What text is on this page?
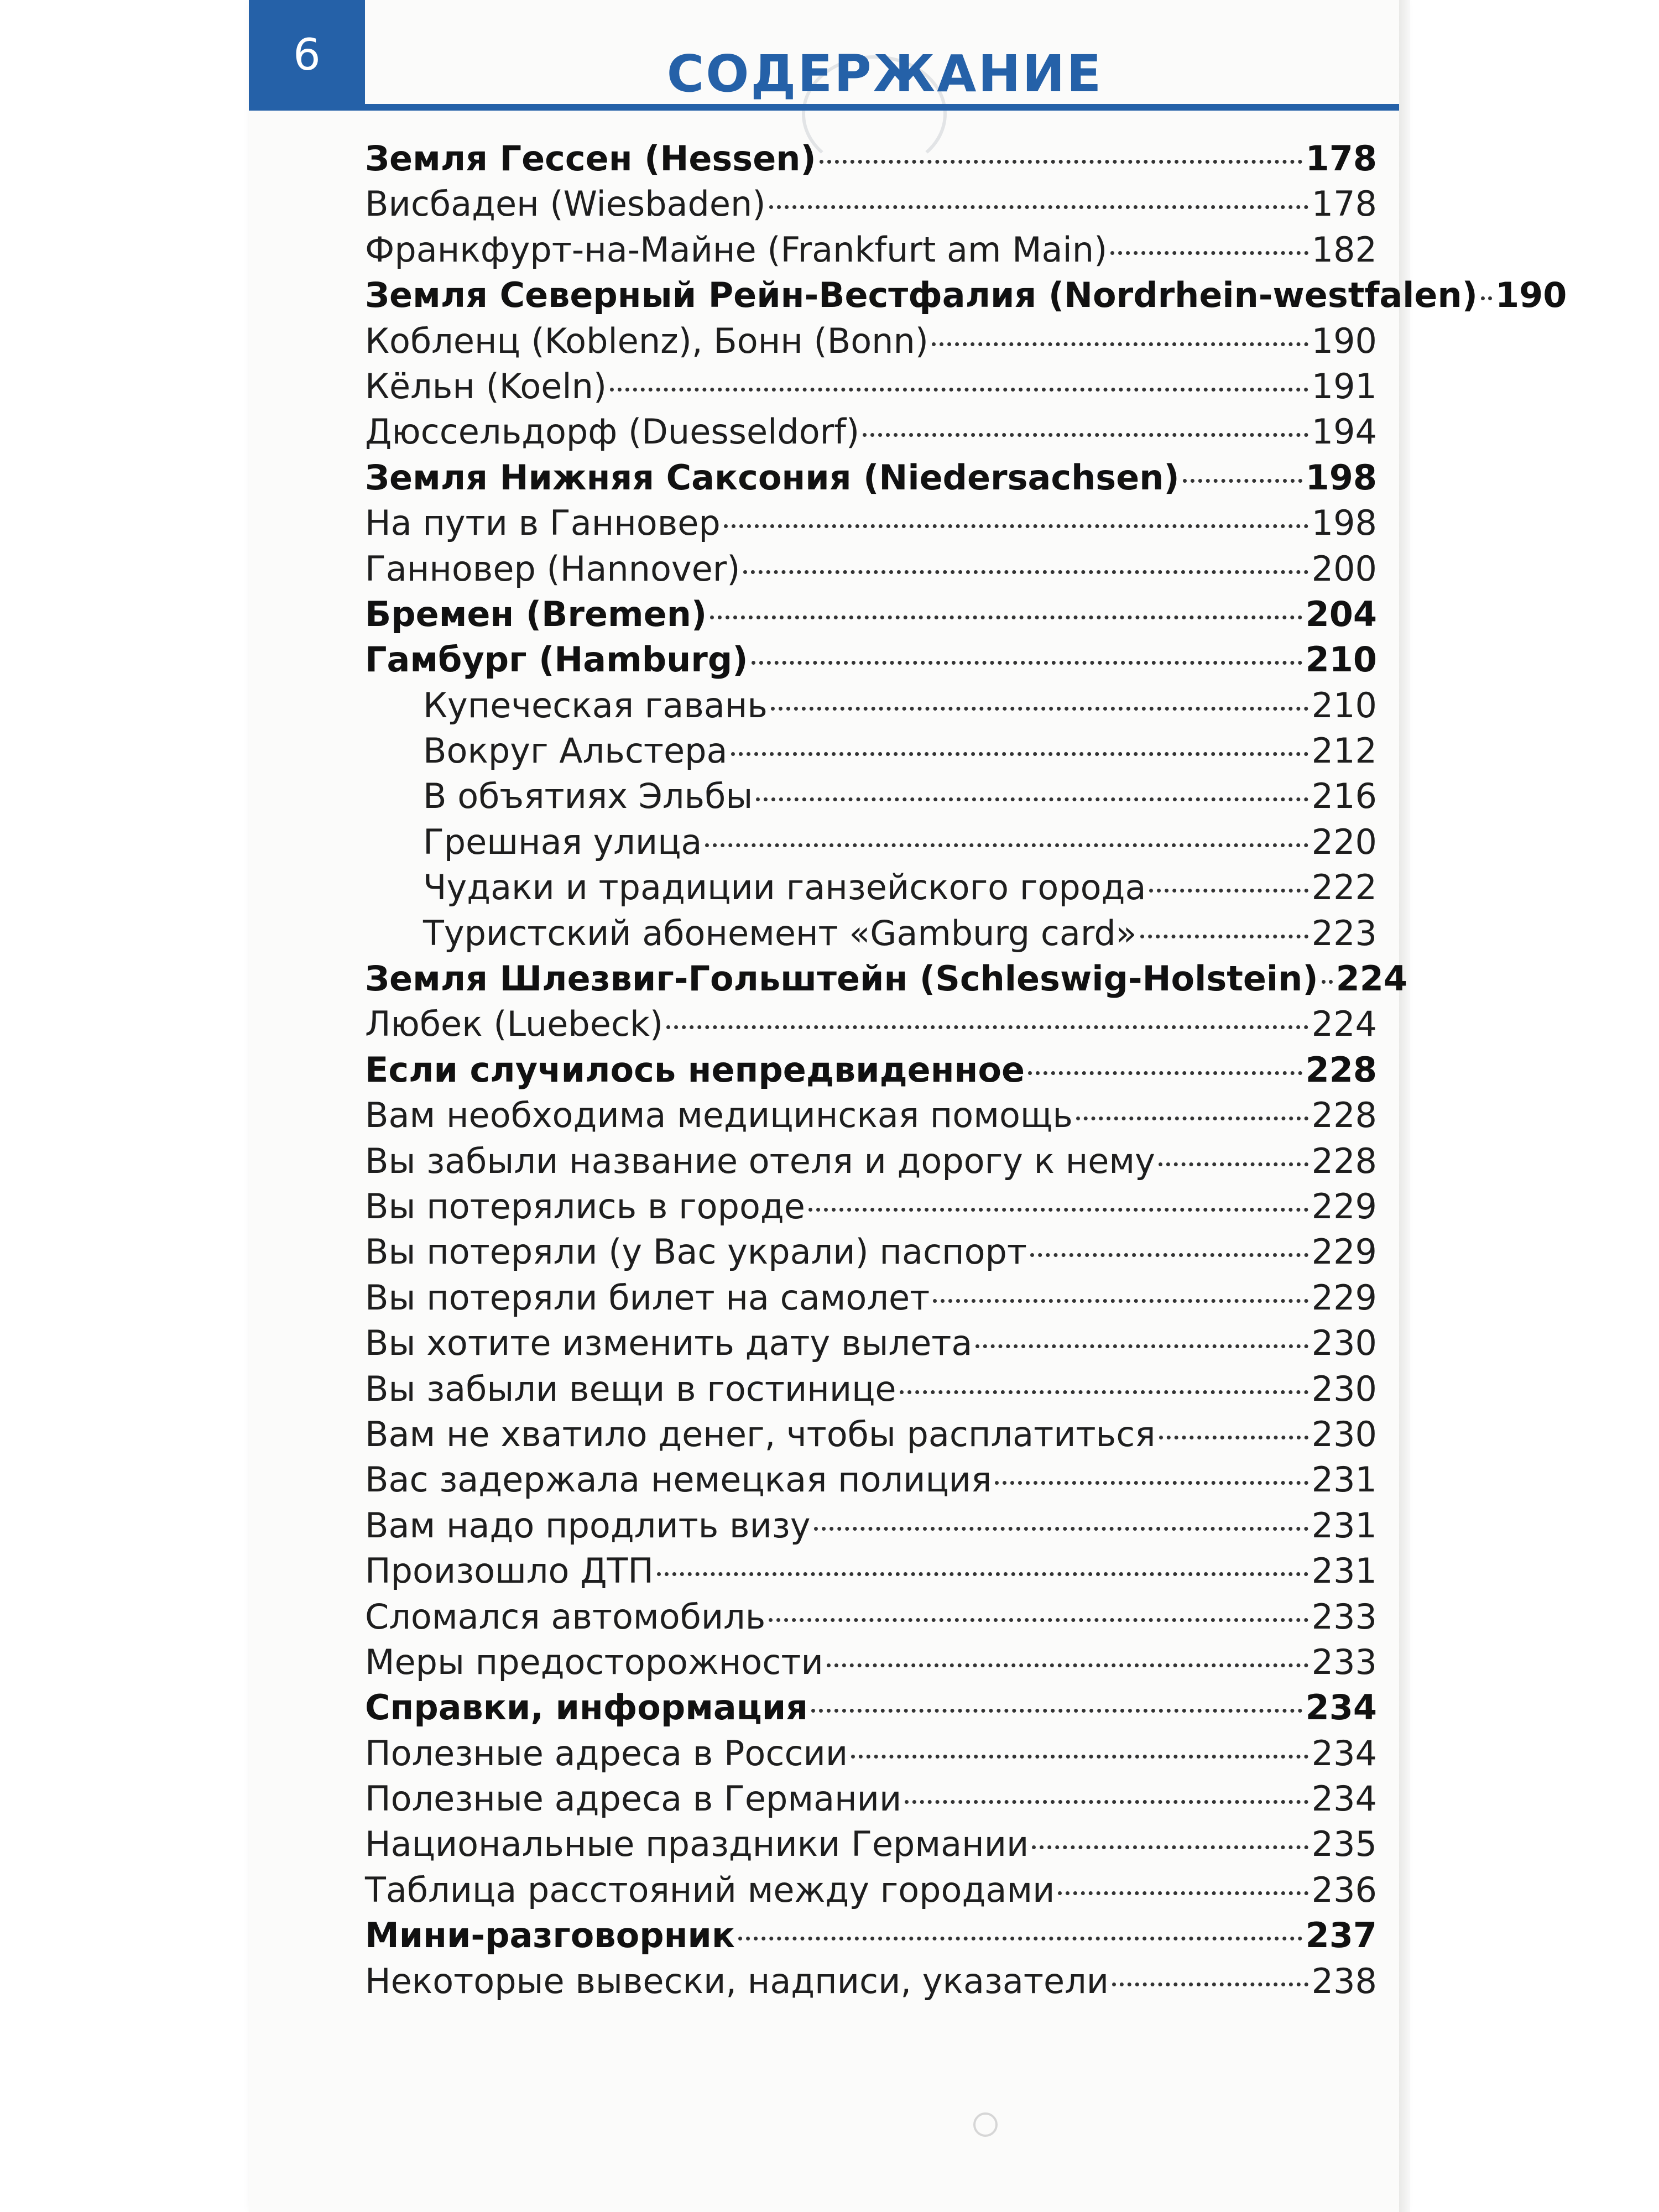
6	СОДЕРЖАНИЕ
Земля Гессен (Hessen)	178
Висбаден (Wiesbaden)	178
Франкфурт-на-Майне (Frankfurt am Main)	182
Земля Северный Рейн-Вестфалия (Nordrhein-westfalen) 190
Кобленц (Koblenz), Бонн (Bonn)	190
Кёльн (Koeln)	191
Дюссельдорф (Duesseldorf)	194
Земля Нижняя Саксония (Niedersachsen)	198
На пути в Ганновер	198
Ганновер (Hannover)	200
Бремен (Bremen)	204
Гамбург (Hamburg)	210
Купеческая гавань	210
Вокруг Альстера	212
В объятиях Эльбы	216
Грешная улица	220
Чудаки и традиции ганзейского города	222
Туристский абонемент «Gamburg card»	223
Земля Шлезвиг-Гольштейн (Schleswig-Holstein) 224
Любек (Luebeck)	224
Если случилось непредвиденное	228
Вам необходима медицинская помощь	228
Вы забыли название отеля и дорогу к нему	228
Вы потерялись в городе	229
Вы потеряли (у Вас украли) паспорт	229
Вы потеряли билет на самолет	229
Вы хотите изменить дату вылета	230
Вы забыли вещи в гостинице	230
Вам не хватило денег, чтобы расплатиться	230
Вас задержала немецкая полиция	231
Вам надо продлить визу	231
Произошло ДТП	231
Сломался автомобиль	233
Меры предосторожности	233
Справки, информация	234
Полезные адреса в России	234
Полезные адреса в Германии	234
Национальные праздники Германии	235
Таблица расстояний между городами	236
Мини-разговорник	237
Некоторые вывески, надписи, указатели	238
